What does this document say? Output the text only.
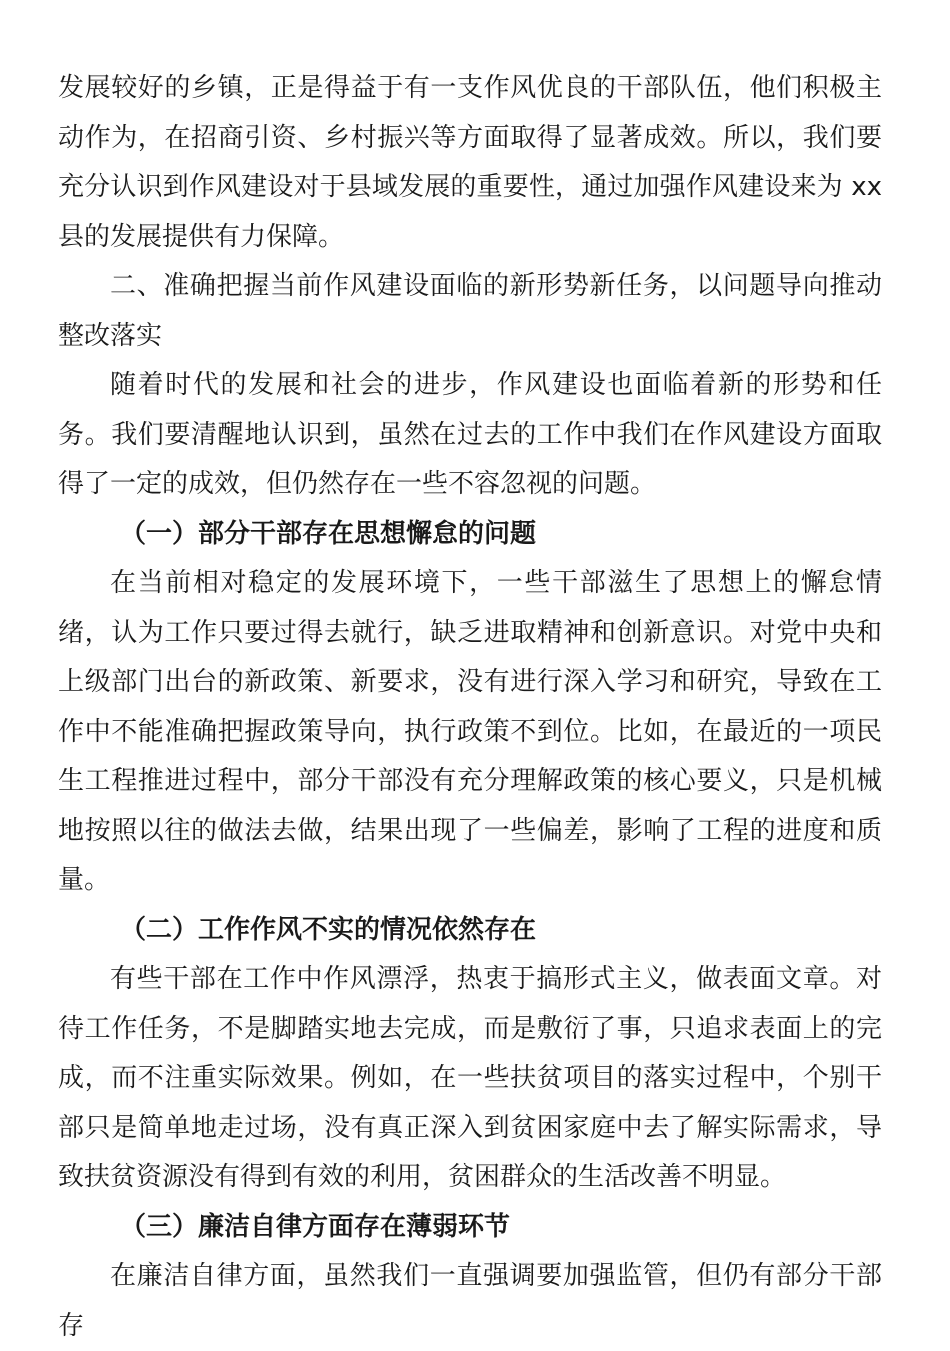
发展较好的乡镇，正是得益于有一支作风优良的干部队伍，他们积极主动作为，在招商引资、乡村振兴等方面取得了显著成效。所以，我们要充分认识到作风建设对于县域发展的重要性，通过加强作风建设来为 xx 县的发展提供有力保障。

二、准确把握当前作风建设面临的新形势新任务，以问题导向推动整改落实

随着时代的发展和社会的进步，作风建设也面临着新的形势和任务。我们要清醒地认识到，虽然在过去的工作中我们在作风建设方面取得了一定的成效，但仍然存在一些不容忽视的问题。

（一）部分干部存在思想懈怠的问题

在当前相对稳定的发展环境下，一些干部滋生了思想上的懈怠情绪，认为工作只要过得去就行，缺乏进取精神和创新意识。对党中央和上级部门出台的新政策、新要求，没有进行深入学习和研究，导致在工作中不能准确把握政策导向，执行政策不到位。比如，在最近的一项民生工程推进过程中，部分干部没有充分理解政策的核心要义，只是机械地按照以往的做法去做，结果出现了一些偏差，影响了工程的进度和质量。

（二）工作作风不实的情况依然存在

有些干部在工作中作风漂浮，热衷于搞形式主义，做表面文章。对待工作任务，不是脚踏实地去完成，而是敷衍了事，只追求表面上的完成，而不注重实际效果。例如，在一些扶贫项目的落实过程中，个别干部只是简单地走过场，没有真正深入到贫困家庭中去了解实际需求，导致扶贫资源没有得到有效的利用，贫困群众的生活改善不明显。

（三）廉洁自律方面存在薄弱环节

在廉洁自律方面，虽然我们一直强调要加强监管，但仍有部分干部存
